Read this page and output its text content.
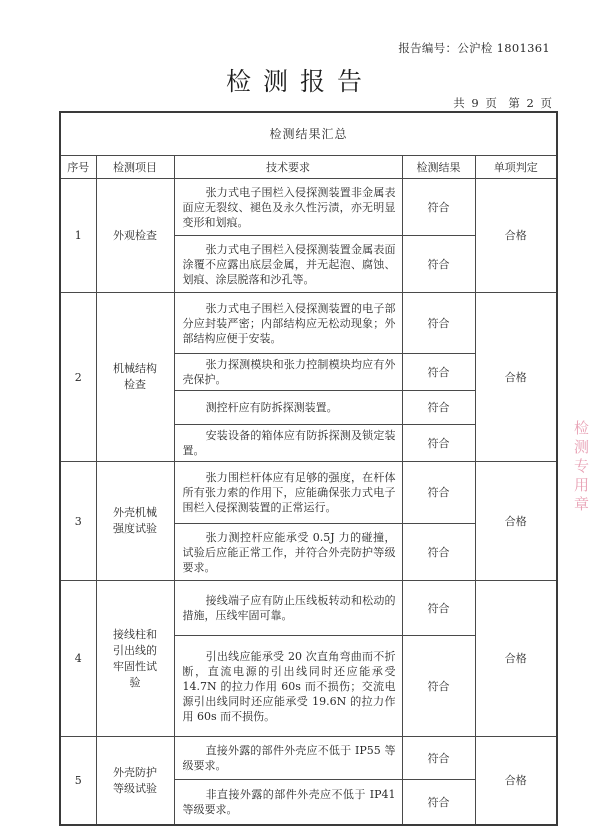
报告编号：公沪检 1801361
检测报告
共 9 页　第 2 页
检测结果汇总				
序号	检测项目	技术要求	检测结果	单项判定
1	外观检查	张力式电子围栏入侵探测装置非金属表面应无裂纹、褪色及永久性污渍，亦无明显变形和划痕。	符合	合格
		张力式电子围栏入侵探测装置金属表面涂覆不应露出底层金属，并无起泡、腐蚀、划痕、涂层脱落和沙孔等。	符合	
2	机械结构检查	张力式电子围栏入侵探测装置的电子部分应封装严密；内部结构应无松动现象；外部结构应便于安装。	符合	合格
		张力探测模块和张力控制模块均应有外壳保护。	符合	
		测控杆应有防拆探测装置。	符合	
		安装设备的箱体应有防拆探测及锁定装置。	符合	
3	外壳机械强度试验	张力围栏杆体应有足够的强度，在杆体所有张力索的作用下，应能确保张力式电子围栏入侵探测装置的正常运行。	符合	合格
		张力测控杆应能承受 0.5J 力的碰撞，试验后应能正常工作，并符合外壳防护等级要求。	符合	
4	接线柱和引出线的牢固性试验	接线端子应有防止压线板转动和松动的措施，压线牢固可靠。	符合	合格
		引出线应能承受 20 次直角弯曲而不折断，直流电源的引出线同时还应能承受 14.7N 的拉力作用 60s 而不损伤；交流电源引出线同时还应能承受 19.6N 的拉力作用 60s 而不损伤。	符合	
5	外壳防护等级试验	直接外露的部件外壳应不低于 IP55 等级要求。	符合	合格
		非直接外露的部件外壳应不低于 IP41 等级要求。	符合	
检测专用章
